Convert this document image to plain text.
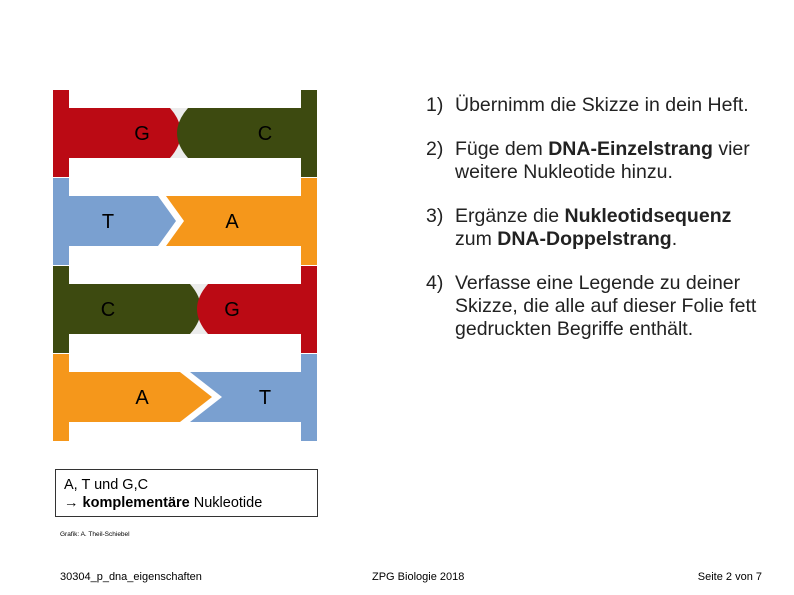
G	C
T	A
C	G
A	T
1) Übernimm die Skizze in dein Heft.
2) Füge dem DNA-Einzelstrang vier weitere Nukleotide hinzu.
3) Ergänze die Nukleotidsequenz zum DNA-Doppelstrang.
4) Verfasse eine Legende zu deiner Skizze, die alle auf dieser Folie fett gedruckten Begriffe enthält.
A, T und G,C
→ komplementäre Nukleotide
Grafik: A. Theil-Schiebel
30304_p_dna_eigenschaften	ZPG Biologie 2018	Seite 2 von 7
